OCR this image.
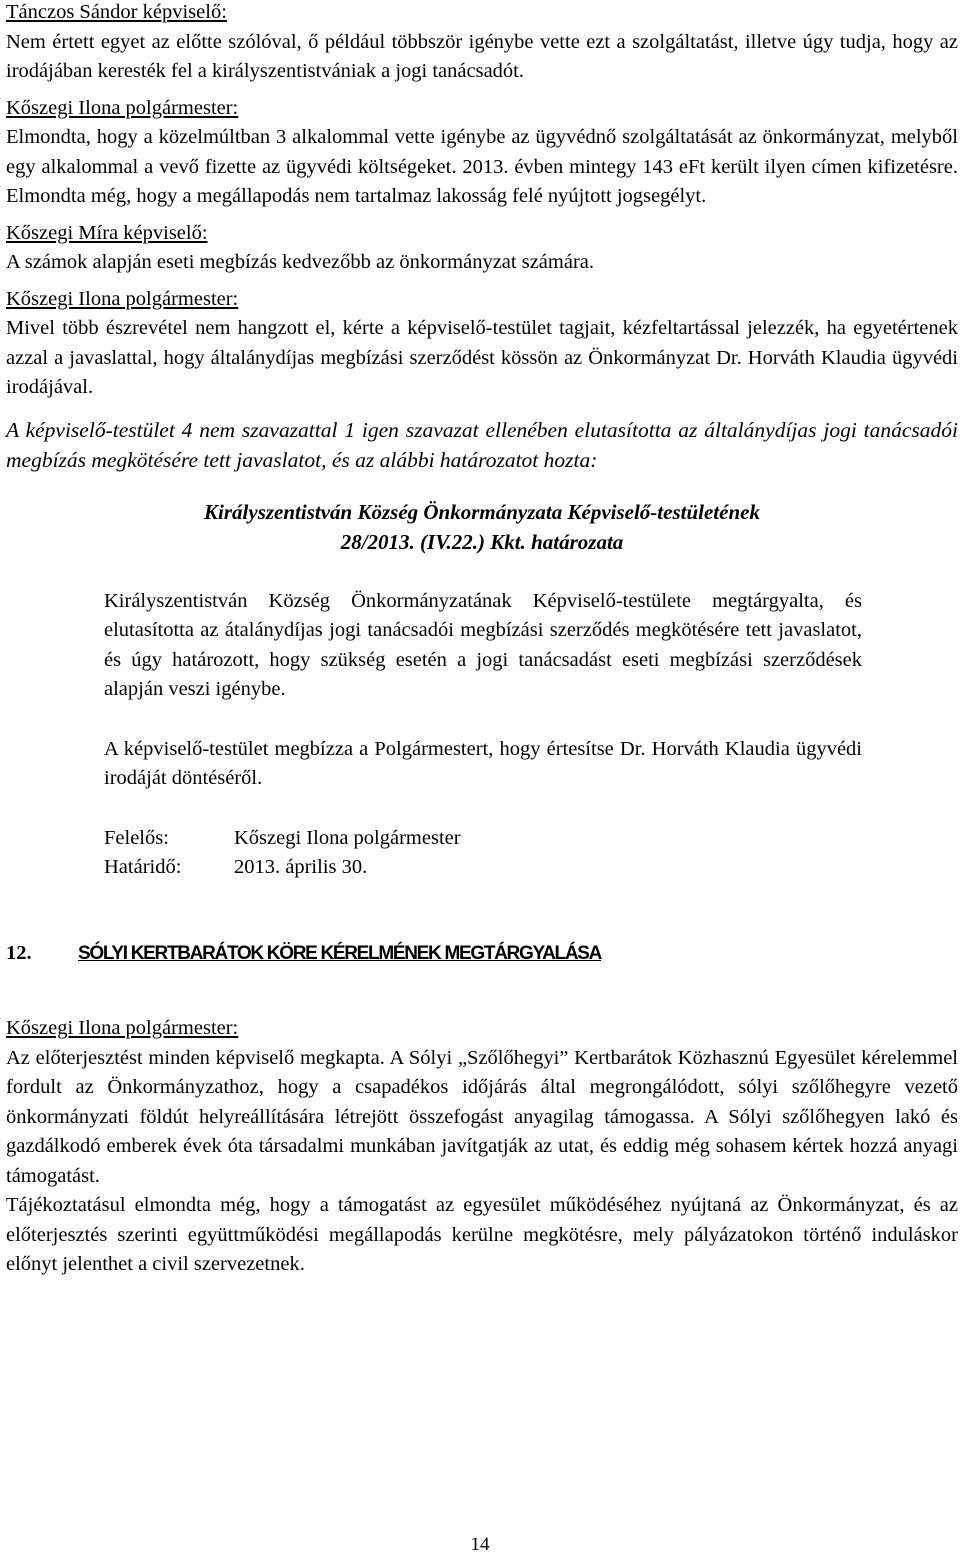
Tánczos Sándor képviselő:

Nem értett egyet az előtte szólóval, ő például többször igénybe vette ezt a szolgáltatást, illetve úgy tudja, hogy az irodájában keresték fel a királyszentistvániak a jogi tanácsadót.

Kőszegi Ilona polgármester:

Elmondta, hogy a közelmúltban 3 alkalommal vette igénybe az ügyvédnő szolgáltatását az önkormányzat, melyből egy alkalommal a vevő fizette az ügyvédi költségeket. 2013. évben mintegy 143 eFt került ilyen címen kifizetésre. Elmondta még, hogy a megállapodás nem tartalmaz lakosság felé nyújtott jogsegélyt.

Kőszegi Míra képviselő:

A számok alapján eseti megbízás kedvezőbb az önkormányzat számára.

Kőszegi Ilona polgármester:

Mivel több észrevétel nem hangzott el, kérte a képviselő-testület tagjait, kézfeltartással jelezzék, ha egyetértenek azzal a javaslattal, hogy általánydíjas megbízási szerződést kössön az Önkormányzat Dr. Horváth Klaudia ügyvédi irodájával.

A képviselő-testület 4 nem szavazattal 1 igen szavazat ellenében elutasította az általánydíjas jogi tanácsadói megbízás megkötésére tett javaslatot, és az alábbi határozatot hozta:

Királyszentistván Község Önkormányzata Képviselő-testületének
28/2013. (IV.22.) Kkt. határozata

Királyszentistván Község Önkormányzatának Képviselő-testülete megtárgyalta, és elutasította az átalánydíjas jogi tanácsadói megbízási szerződés megkötésére tett javaslatot, és úgy határozott, hogy szükség esetén a jogi tanácsadást eseti megbízási szerződések alapján veszi igénybe.

A képviselő-testület megbízza a Polgármestert, hogy értesítse Dr. Horváth Klaudia ügyvédi irodáját döntéséről.

Felelős:	Kőszegi Ilona polgármester
Határidő:	2013. április 30.
12.	SÓLYI KERTBARÁTOK KÖRE KÉRELMÉNEK MEGTÁRGYALÁSA
Kőszegi Ilona polgármester:

Az előterjesztést minden képviselő megkapta. A Sólyi „Szőlőhegyi” Kertbarátok Közhasznú Egyesület kérelemmel fordult az Önkormányzathoz, hogy a csapadékos időjárás által megrongálódott, sólyi szőlőhegyre vezető önkormányzati földút helyreállítására létrejött összefogást anyagilag támogassa. A Sólyi szőlőhegyen lakó és gazdálkodó emberek évek óta társadalmi munkában javítgatják az utat, és eddig még sohasem kértek hozzá anyagi támogatást.

Tájékoztatásul elmondta még, hogy a támogatást az egyesület működéséhez nyújtaná az Önkormányzat, és az előterjesztés szerinti együttműködési megállapodás kerülne megkötésre, mely pályázatokon történő induláskor előnyt jelenthet a civil szervezetnek.

14
